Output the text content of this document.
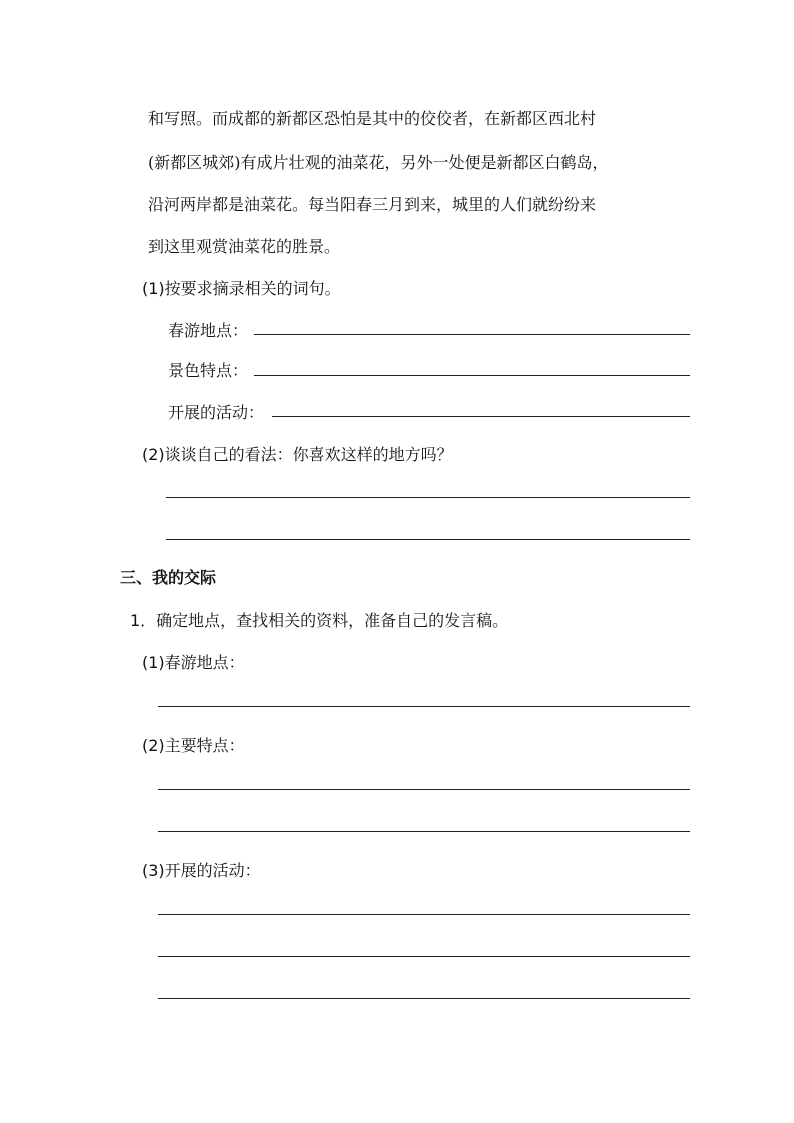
和写照。而成都的新都区恐怕是其中的佼佼者，在新都区西北村
(新都区城郊)有成片壮观的油菜花，另外一处便是新都区白鹤岛，
沿河两岸都是油菜花。每当阳春三月到来，城里的人们就纷纷来
到这里观赏油菜花的胜景。
(1)按要求摘录相关的词句。
春游地点：
景色特点：
开展的活动：
(2)谈谈自己的看法：你喜欢这样的地方吗？
三、我的交际
1．确定地点，查找相关的资料，准备自己的发言稿。
(1)春游地点：
(2)主要特点：
(3)开展的活动：
